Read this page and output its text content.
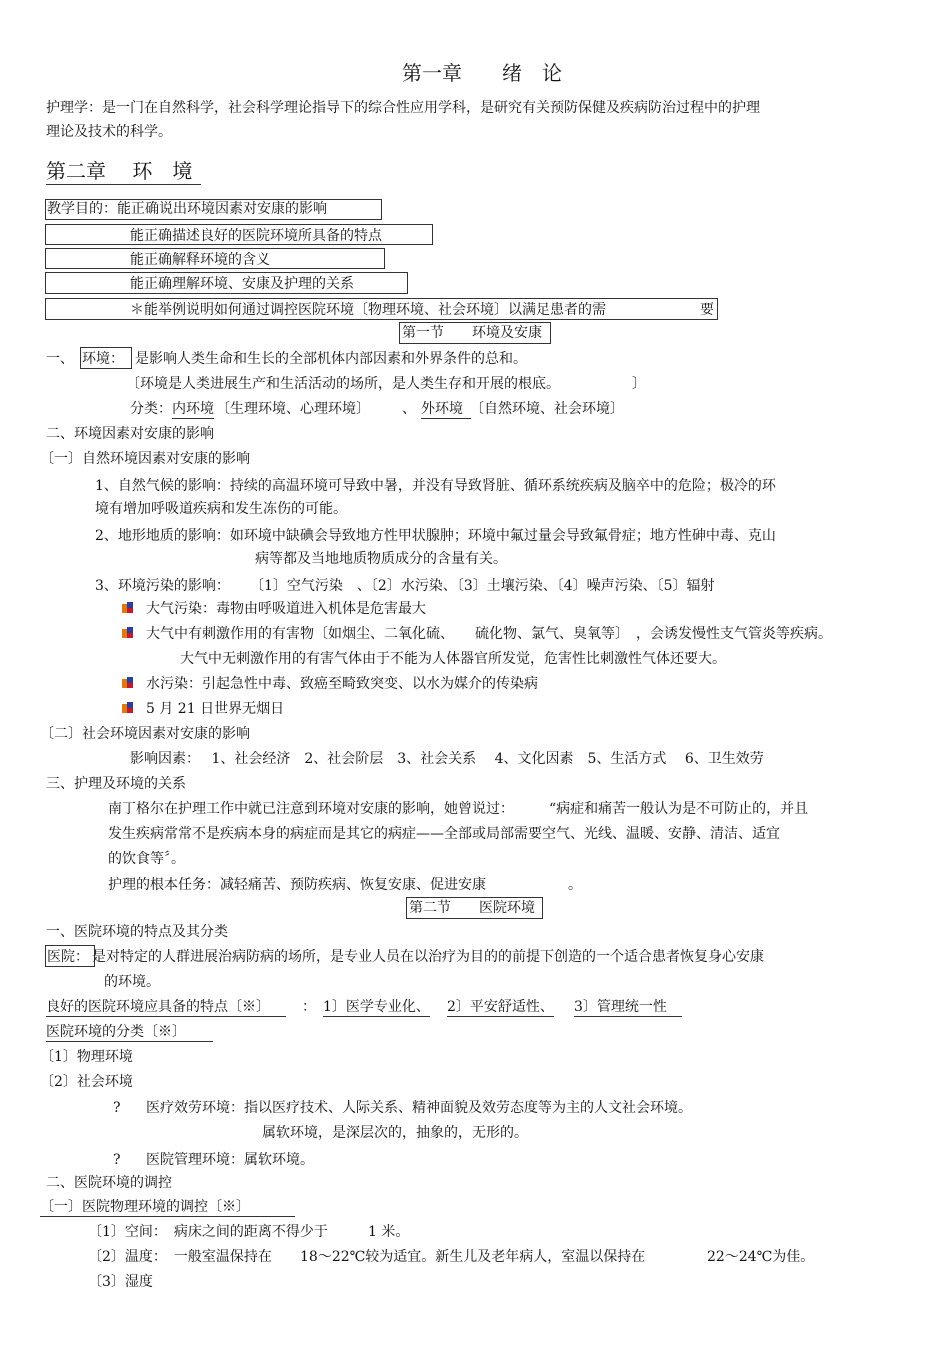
第一章　　绪　论
护理学：是一门在自然科学，社会科学理论指导下的综合性应用学科，是研究有关预防保健及疾病防治过程中的护理
理论及技术的科学。
第二章　 环　境
教学目的：能正确说出环境因素对安康的影响
能正确描述良好的医院环境所具备的特点
能正确解释环境的含义
能正确理解环境、安康及护理的关系
＊能举例说明如何通过调控医院环境〔物理环境、社会环境〕以满足患者的需	要
第一节　　环境及安康
一、 环境： 是影响人类生命和生长的全部机体内部因素和外界条件的总和。
〔环境是人类进展生产和生活活动的场所，是人类生存和开展的根底。	〕
分类： 内环境 〔生理环境、心理环境〕 、 外环境 〔自然环境、社会环境〕
二、环境因素对安康的影响
〔一〕自然环境因素对安康的影响
1、自然气候的影响：持续的高温环境可导致中暑，并没有导致肾脏、循环系统疾病及脑卒中的危险；极冷的环
境有增加呼吸道疾病和发生冻伤的可能。
2、地形地质的影响：如环境中缺碘会导致地方性甲状腺肿；环境中氟过量会导致氟骨症；地方性砷中毒、克山
病等都及当地地质物质成分的含量有关。
3、环境污染的影响： 〔1〕空气污染　、〔2〕水污染、〔3〕土壤污染、〔4〕噪声污染、〔5〕辐射
大气污染：毒物由呼吸道进入机体是危害最大
大气中有刺激作用的有害物〔如烟尘、二氧化硫、　　硫化物、氯气、臭氧等〕　，会诱发慢性支气管炎等疾病。
大气中无刺激作用的有害气体由于不能为人体器官所发觉，危害性比刺激性气体还要大。
水污染：引起急性中毒、致癌至畸致突变、以水为媒介的传染病
5 月 21 日世界无烟日
〔二〕社会环境因素对安康的影响
影响因素：　 1、社会经济　2、社会阶层　3、社会关系　 4、文化因素　5、生活方式　 6、卫生效劳
三、护理及环境的关系
南丁格尔在护理工作中就已注意到环境对安康的影响，她曾说过：　　　“病症和痛苦一般认为是不可防止的，并且
发生疾病常常不是疾病本身的病症而是其它的病症——全部或局部需要空气、光线、温暖、安静、清洁、适宜
的饮食等〞。
护理的根本任务：减轻痛苦、预防疾病、恢复安康、促进安康	。
第二节　　医院环境
一、医院环境的特点及其分类
医院： 是对特定的人群进展治病防病的场所，是专业人员在以治疗为目的的前提下创造的一个适合患者恢复身心安康
的环境。
良好的医院环境应具备的特点〔※〕	： 1〕医学专业化、 2〕平安舒适性、 3〕管理统一性
医院环境的分类〔※〕
〔1〕物理环境
〔2〕社会环境
? 医疗效劳环境：指以医疗技术、人际关系、精神面貌及效劳态度等为主的人文社会环境。
属软环境，是深层次的，抽象的，无形的。
? 医院管理环境：属软环境。
二、医院环境的调控
〔一〕医院物理环境的调控〔※〕
〔1〕空间：　病床之间的距离不得少于	1 米。
〔2〕温度：　一般室温保持在 18～22℃较为适宜。新生儿及老年病人，室温以保持在	22～24℃为佳。
〔3〕湿度
